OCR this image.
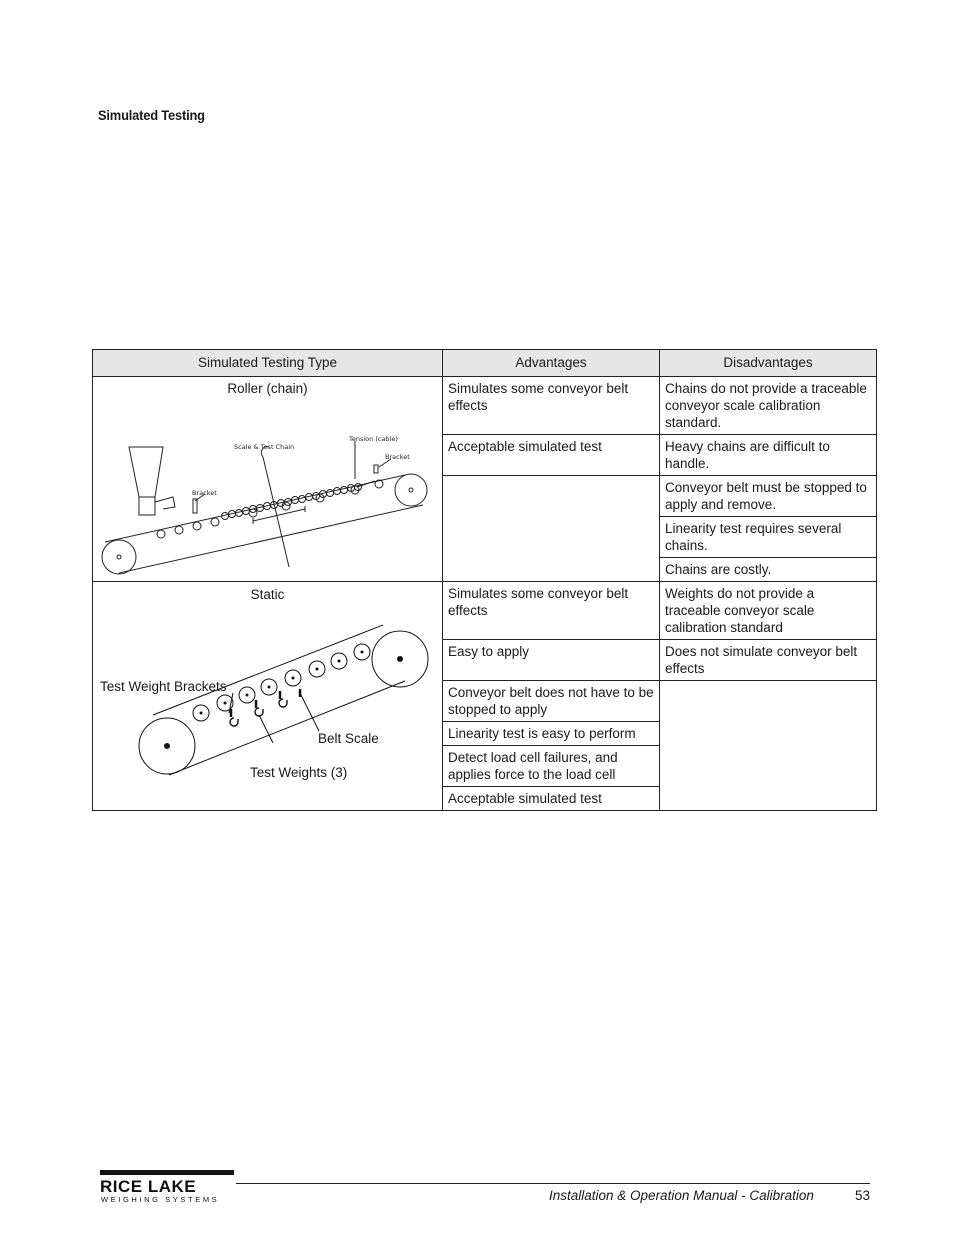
Simulated Testing
Simulated Testing Type	Advantages	Disadvantages

Roller (chain)
Scale & Test Chain
Tension (cable)
Bracket
Bracket	Simulates some conveyor belt effects	Chains do not provide a traceable conveyor scale calibration standard.
	Acceptable simulated test	Heavy chains are difficult to handle.
		Conveyor belt must be stopped to apply and remove.
		Linearity test requires several chains.
		Chains are costly.

Static
Test Weight Brackets
Belt Scale
Test Weights (3)	Simulates some conveyor belt effects	Weights do not provide a traceable conveyor scale calibration standard
	Easy to apply	Does not simulate conveyor belt effects
	Conveyor belt does not have to be stopped to apply	
	Linearity test is easy to perform	
	Detect load cell failures, and applies force to the load cell	
	Acceptable simulated test	
RICE LAKE
WEIGHING SYSTEMS	Installation & Operation Manual - Calibration	53
